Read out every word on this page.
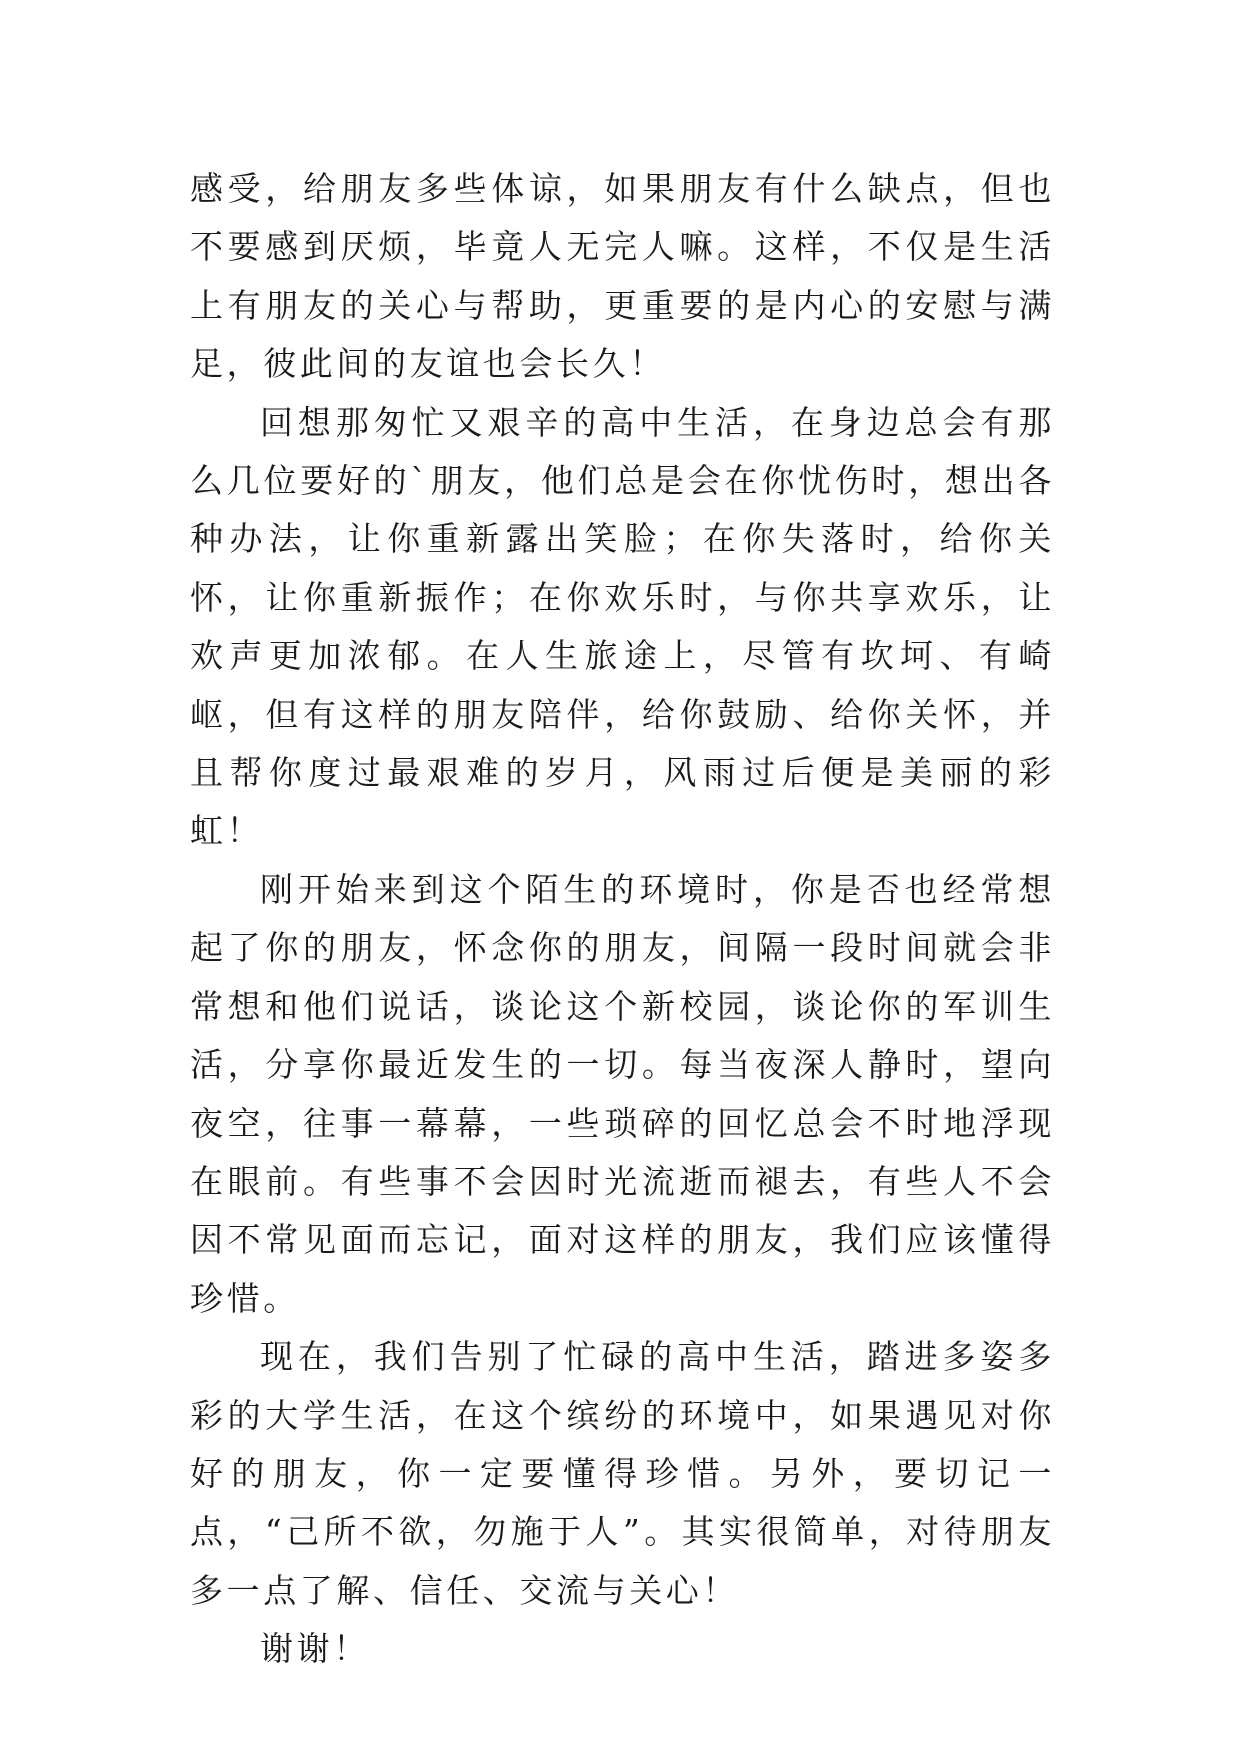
感受，给朋友多些体谅，如果朋友有什么缺点，但也不要感到厌烦，毕竟人无完人嘛。这样，不仅是生活上有朋友的关心与帮助，更重要的是内心的安慰与满足，彼此间的友谊也会长久！

回想那匆忙又艰辛的高中生活，在身边总会有那么几位要好的`朋友，他们总是会在你忧伤时，想出各种办法，让你重新露出笑脸；在你失落时，给你关怀，让你重新振作；在你欢乐时，与你共享欢乐，让欢声更加浓郁。在人生旅途上，尽管有坎坷、有崎岖，但有这样的朋友陪伴，给你鼓励、给你关怀，并且帮你度过最艰难的岁月，风雨过后便是美丽的彩虹！

刚开始来到这个陌生的环境时，你是否也经常想起了你的朋友，怀念你的朋友，间隔一段时间就会非常想和他们说话，谈论这个新校园，谈论你的军训生活，分享你最近发生的一切。每当夜深人静时，望向夜空，往事一幕幕，一些琐碎的回忆总会不时地浮现在眼前。有些事不会因时光流逝而褪去，有些人不会因不常见面而忘记，面对这样的朋友，我们应该懂得珍惜。

现在，我们告别了忙碌的高中生活，踏进多姿多彩的大学生活，在这个缤纷的环境中，如果遇见对你好的朋友，你一定要懂得珍惜。另外，要切记一点，“己所不欲，勿施于人”。其实很简单，对待朋友多一点了解、信任、交流与关心！

谢谢！
